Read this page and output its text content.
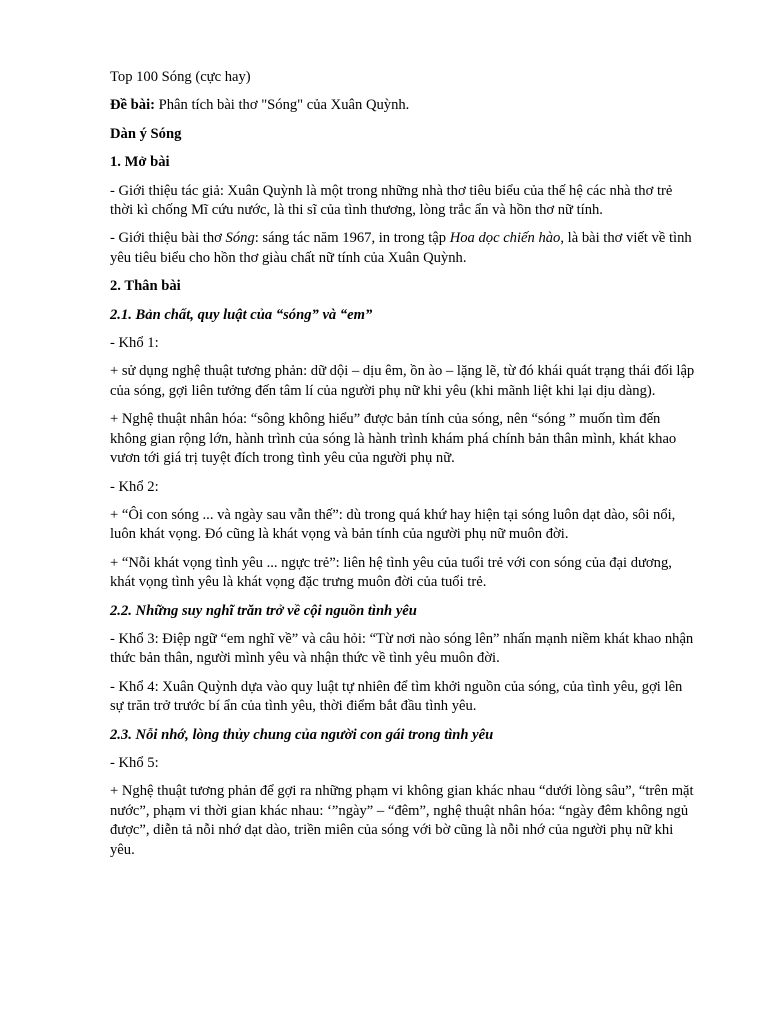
Top 100 Sóng (cực hay)

Đề bài: Phân tích bài thơ "Sóng" của Xuân Quỳnh.

Dàn ý Sóng

1. Mở bài

- Giới thiệu tác giả: Xuân Quỳnh là một trong những nhà thơ tiêu biểu của thế hệ các nhà thơ trẻ thời kì chống Mĩ cứu nước, là thi sĩ của tình thương, lòng trắc ẩn và hồn thơ nữ tính.

- Giới thiệu bài thơ Sóng: sáng tác năm 1967, in trong tập Hoa dọc chiến hào, là bài thơ viết về tình yêu tiêu biểu cho hồn thơ giàu chất nữ tính của Xuân Quỳnh.

2. Thân bài

2.1. Bản chất, quy luật của “sóng” và “em”

- Khổ 1:

+ sử dụng nghệ thuật tương phản: dữ dội – dịu êm, ồn ào – lặng lẽ, từ đó khái quát trạng thái đối lập của sóng, gợi liên tưởng đến tâm lí của người phụ nữ khi yêu (khi mãnh liệt khi lại dịu dàng).

+ Nghệ thuật nhân hóa: “sông không hiểu” được bản tính của sóng, nên “sóng ” muốn tìm đến không gian rộng lớn, hành trình của sóng là hành trình khám phá chính bản thân mình, khát khao vươn tới giá trị tuyệt đích trong tình yêu của người phụ nữ.

- Khổ 2:

+ “Ôi con sóng ... và ngày sau vẫn thế”: dù trong quá khứ hay hiện tại sóng luôn dạt dào, sôi nổi, luôn khát vọng. Đó cũng là khát vọng và bản tính của người phụ nữ muôn đời.

+ “Nỗi khát vọng tình yêu ... ngực trẻ”: liên hệ tình yêu của tuổi trẻ với con sóng của đại dương, khát vọng tình yêu là khát vọng đặc trưng muôn đời của tuổi trẻ.

2.2. Những suy nghĩ trăn trở về cội nguồn tình yêu

- Khổ 3: Điệp ngữ “em nghĩ về” và câu hỏi: “Từ nơi nào sóng lên” nhấn mạnh niềm khát khao nhận thức bản thân, người mình yêu và nhận thức về tình yêu muôn đời.

- Khổ 4: Xuân Quỳnh dựa vào quy luật tự nhiên để tìm khởi nguồn của sóng, của tình yêu, gợi lên sự trăn trở trước bí ẩn của tình yêu, thời điểm bắt đầu tình yêu.

2.3. Nỗi nhớ, lòng thủy chung của người con gái trong tình yêu

- Khổ 5:

+ Nghệ thuật tương phản để gợi ra những phạm vi không gian khác nhau “dưới lòng sâu”, “trên mặt nước”, phạm vi thời gian khác nhau: ‘”ngày” – “đêm”, nghệ thuật nhân hóa: “ngày đêm không ngủ được”, diễn tả nỗi nhớ dạt dào, triền miên của sóng với bờ cũng là nỗi nhớ của người phụ nữ khi yêu.
